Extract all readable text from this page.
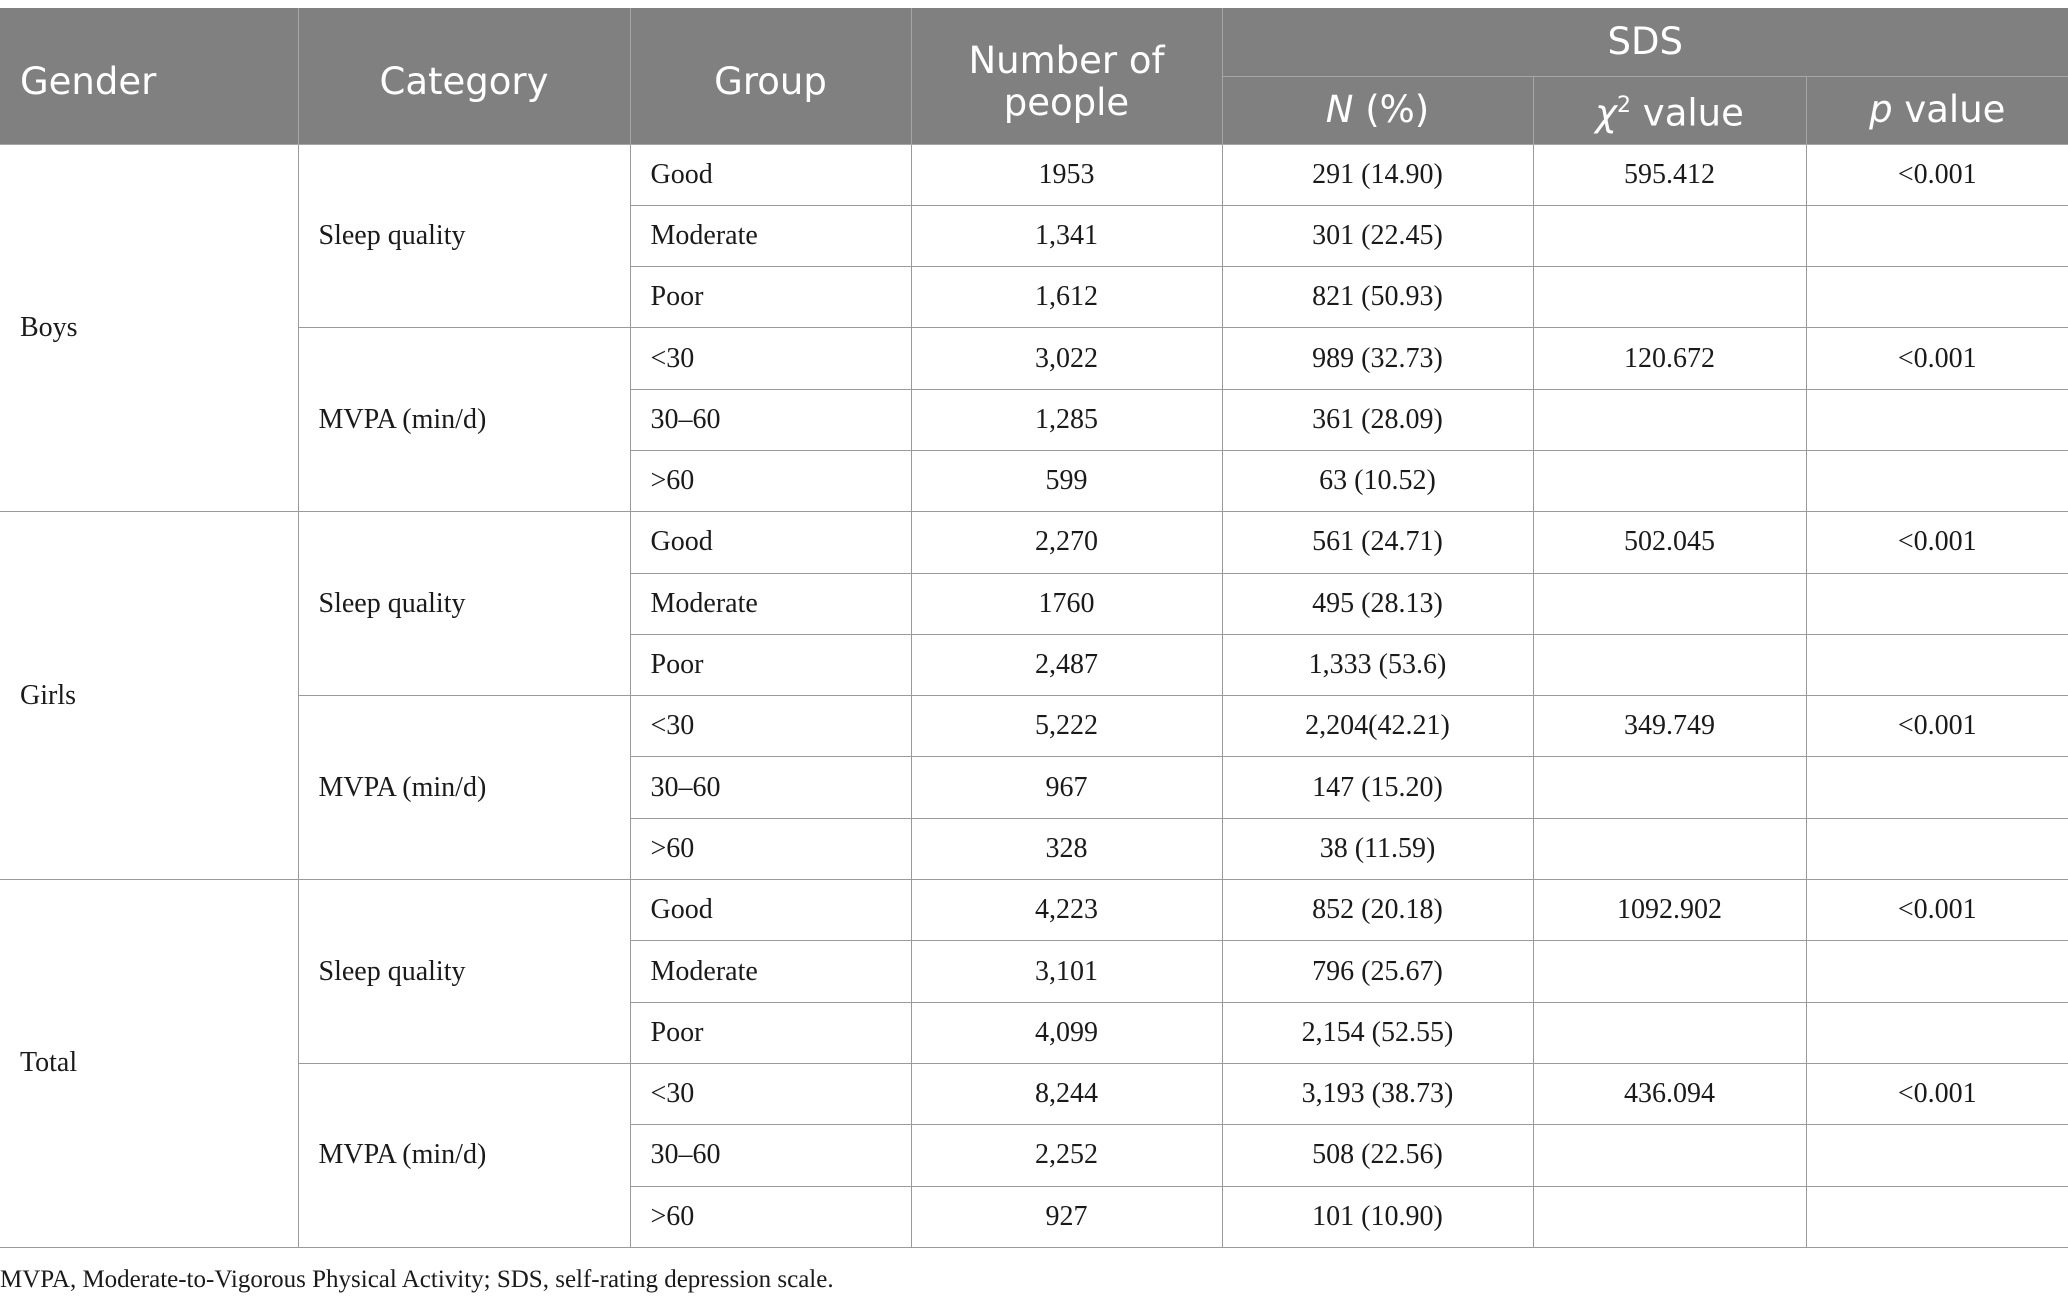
Gender	Category	Group	Number of
people	SDS		
				N (%)	$\chi^2$ value	p value
Boys	Sleep quality	Good	1953	291 (14.90)	595.412	<0.001
		Moderate	1,341	301 (22.45)		
		Poor	1,612	821 (50.93)		
	MVPA (min/d)	<30	3,022	989 (32.73)	120.672	<0.001
		30–60	1,285	361 (28.09)		
		>60	599	63 (10.52)		
Girls	Sleep quality	Good	2,270	561 (24.71)	502.045	<0.001
		Moderate	1760	495 (28.13)		
		Poor	2,487	1,333 (53.6)		
	MVPA (min/d)	<30	5,222	2,204(42.21)	349.749	<0.001
		30–60	967	147 (15.20)		
		>60	328	38 (11.59)		
Total	Sleep quality	Good	4,223	852 (20.18)	1092.902	<0.001
		Moderate	3,101	796 (25.67)		
		Poor	4,099	2,154 (52.55)		
	MVPA (min/d)	<30	8,244	3,193 (38.73)	436.094	<0.001
		30–60	2,252	508 (22.56)		
		>60	927	101 (10.90)		
MVPA, Moderate-to-Vigorous Physical Activity; SDS, self-rating depression scale.
